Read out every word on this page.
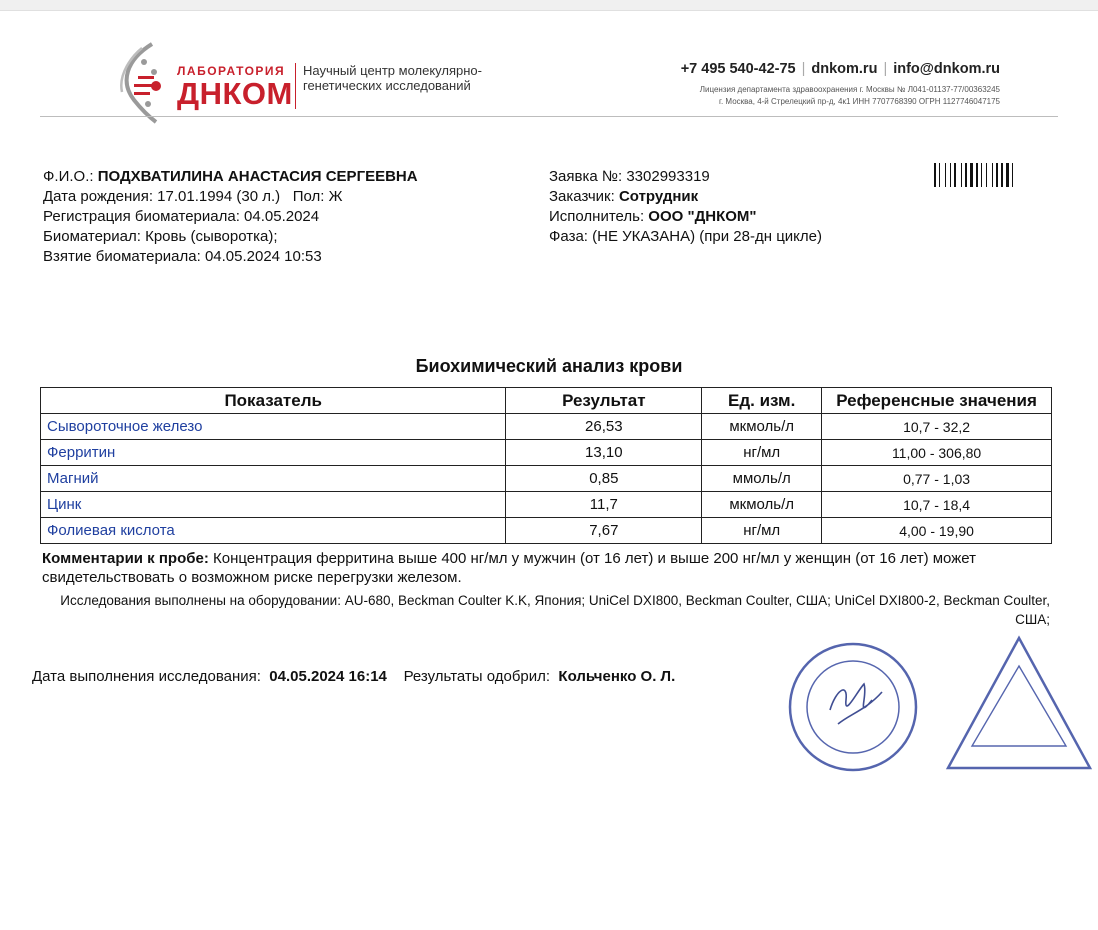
ЛАБОРАТОРИЯ
ДНКОМ
Научный центр молекулярно-генетических исследований
+7 495 540-42-75 | dnkom.ru | info@dnkom.ru
Лицензия департамента здравоохранения г. Москвы № Л041-01137-77/00363245
г. Москва, 4-й Стрелецкий пр-д, 4к1 ИНН 7707768390 ОГРН 1127746047175
Ф.И.О.: ПОДХВАТИЛИНА АНАСТАСИЯ СЕРГЕЕВНА
Дата рождения: 17.01.1994 (30 л.) Пол: Ж
Регистрация биоматериала: 04.05.2024
Биоматериал: Кровь (сыворотка);
Взятие биоматериала: 04.05.2024 10:53
Заявка №: 3302993319
Заказчик: Сотрудник
Исполнитель: ООО "ДНКОМ"
Фаза: (НЕ УКАЗАНА) (при 28-дн цикле)
Биохимический анализ крови
Показатель	Результат	Ед. изм.	Референсные значения
Сывороточное железо	26,53	мкмоль/л	10,7 - 32,2
Ферритин	13,10	нг/мл	11,00 - 306,80
Магний	0,85	ммоль/л	0,77 - 1,03
Цинк	11,7	мкмоль/л	10,7 - 18,4
Фолиевая кислота	7,67	нг/мл	4,00 - 19,90
Комментарии к пробе: Концентрация ферритина выше 400 нг/мл у мужчин (от 16 лет) и выше 200 нг/мл у женщин (от 16 лет) может свидетельствовать о возможном риске перегрузки железом.
Исследования выполнены на оборудовании: AU-680, Beckman Coulter K.K, Япония; UniCel DXI800, Beckman Coulter, США; UniCel DXI800-2, Beckman Coulter, США;
Дата выполнения исследования: 04.05.2024 16:14 Результаты одобрил: Кольченко О. Л.
